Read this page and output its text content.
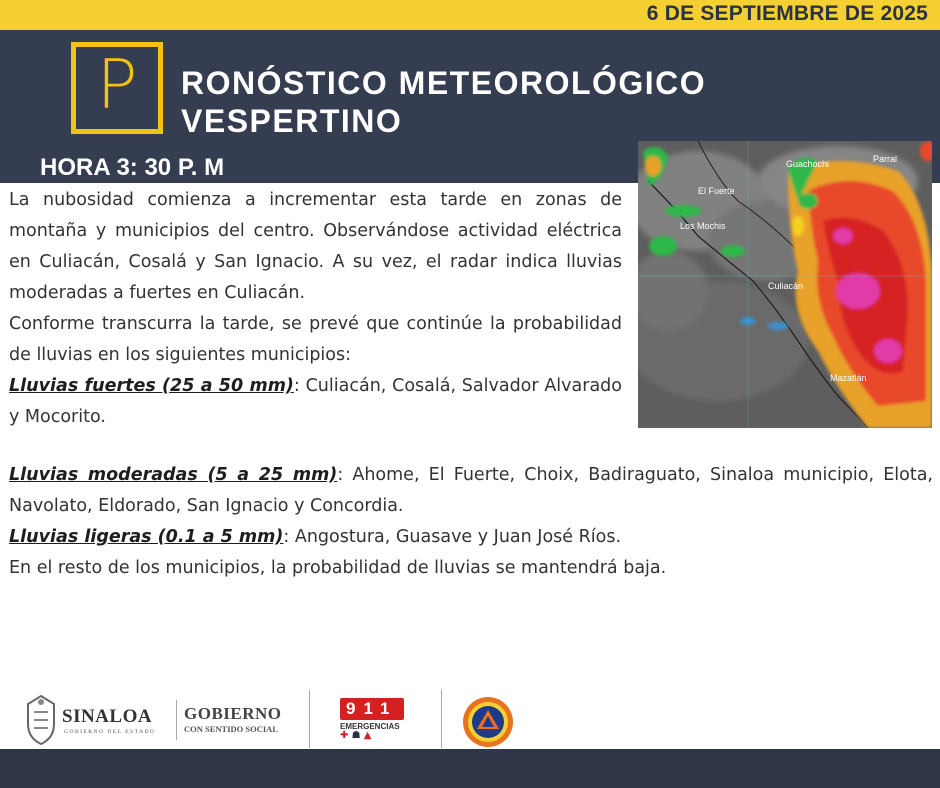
6 DE SEPTIEMBRE DE 2025
P	RONÓSTICO METEOROLÓGICO
VESPERTINO
HORA 3: 30 P. M	Guachochi	Parral
El Fuerte
Los Mochis
Culiacán
Mazatlán

La nubosidad comienza a incrementar esta tarde en zonas de montaña y municipios del centro. Observándose actividad eléctrica en Culiacán, Cosalá y San Ignacio. A su vez, el radar indica lluvias moderadas a fuertes en Culiacán.

Conforme transcurra la tarde, se prevé que continúe la probabilidad de lluvias en los siguientes municipios:

Lluvias fuertes (25 a 50 mm): Culiacán, Cosalá, Salvador Alvarado y Mocorito.

Lluvias moderadas (5 a 25 mm): Ahome, El Fuerte, Choix, Badiraguato, Sinaloa municipio, Elota, Navolato, Eldorado, San Ignacio y Concordia.

Lluvias ligeras (0.1 a 5 mm): Angostura, Guasave y Juan José Ríos.

En el resto de los municipios, la probabilidad de lluvias se mantendrá baja.

SINALOA
GOBIERNO DEL ESTADO
GOBIERNO
CON SENTIDO SOCIAL
911
EMERGENCIAS
✚ ☗ ▲
